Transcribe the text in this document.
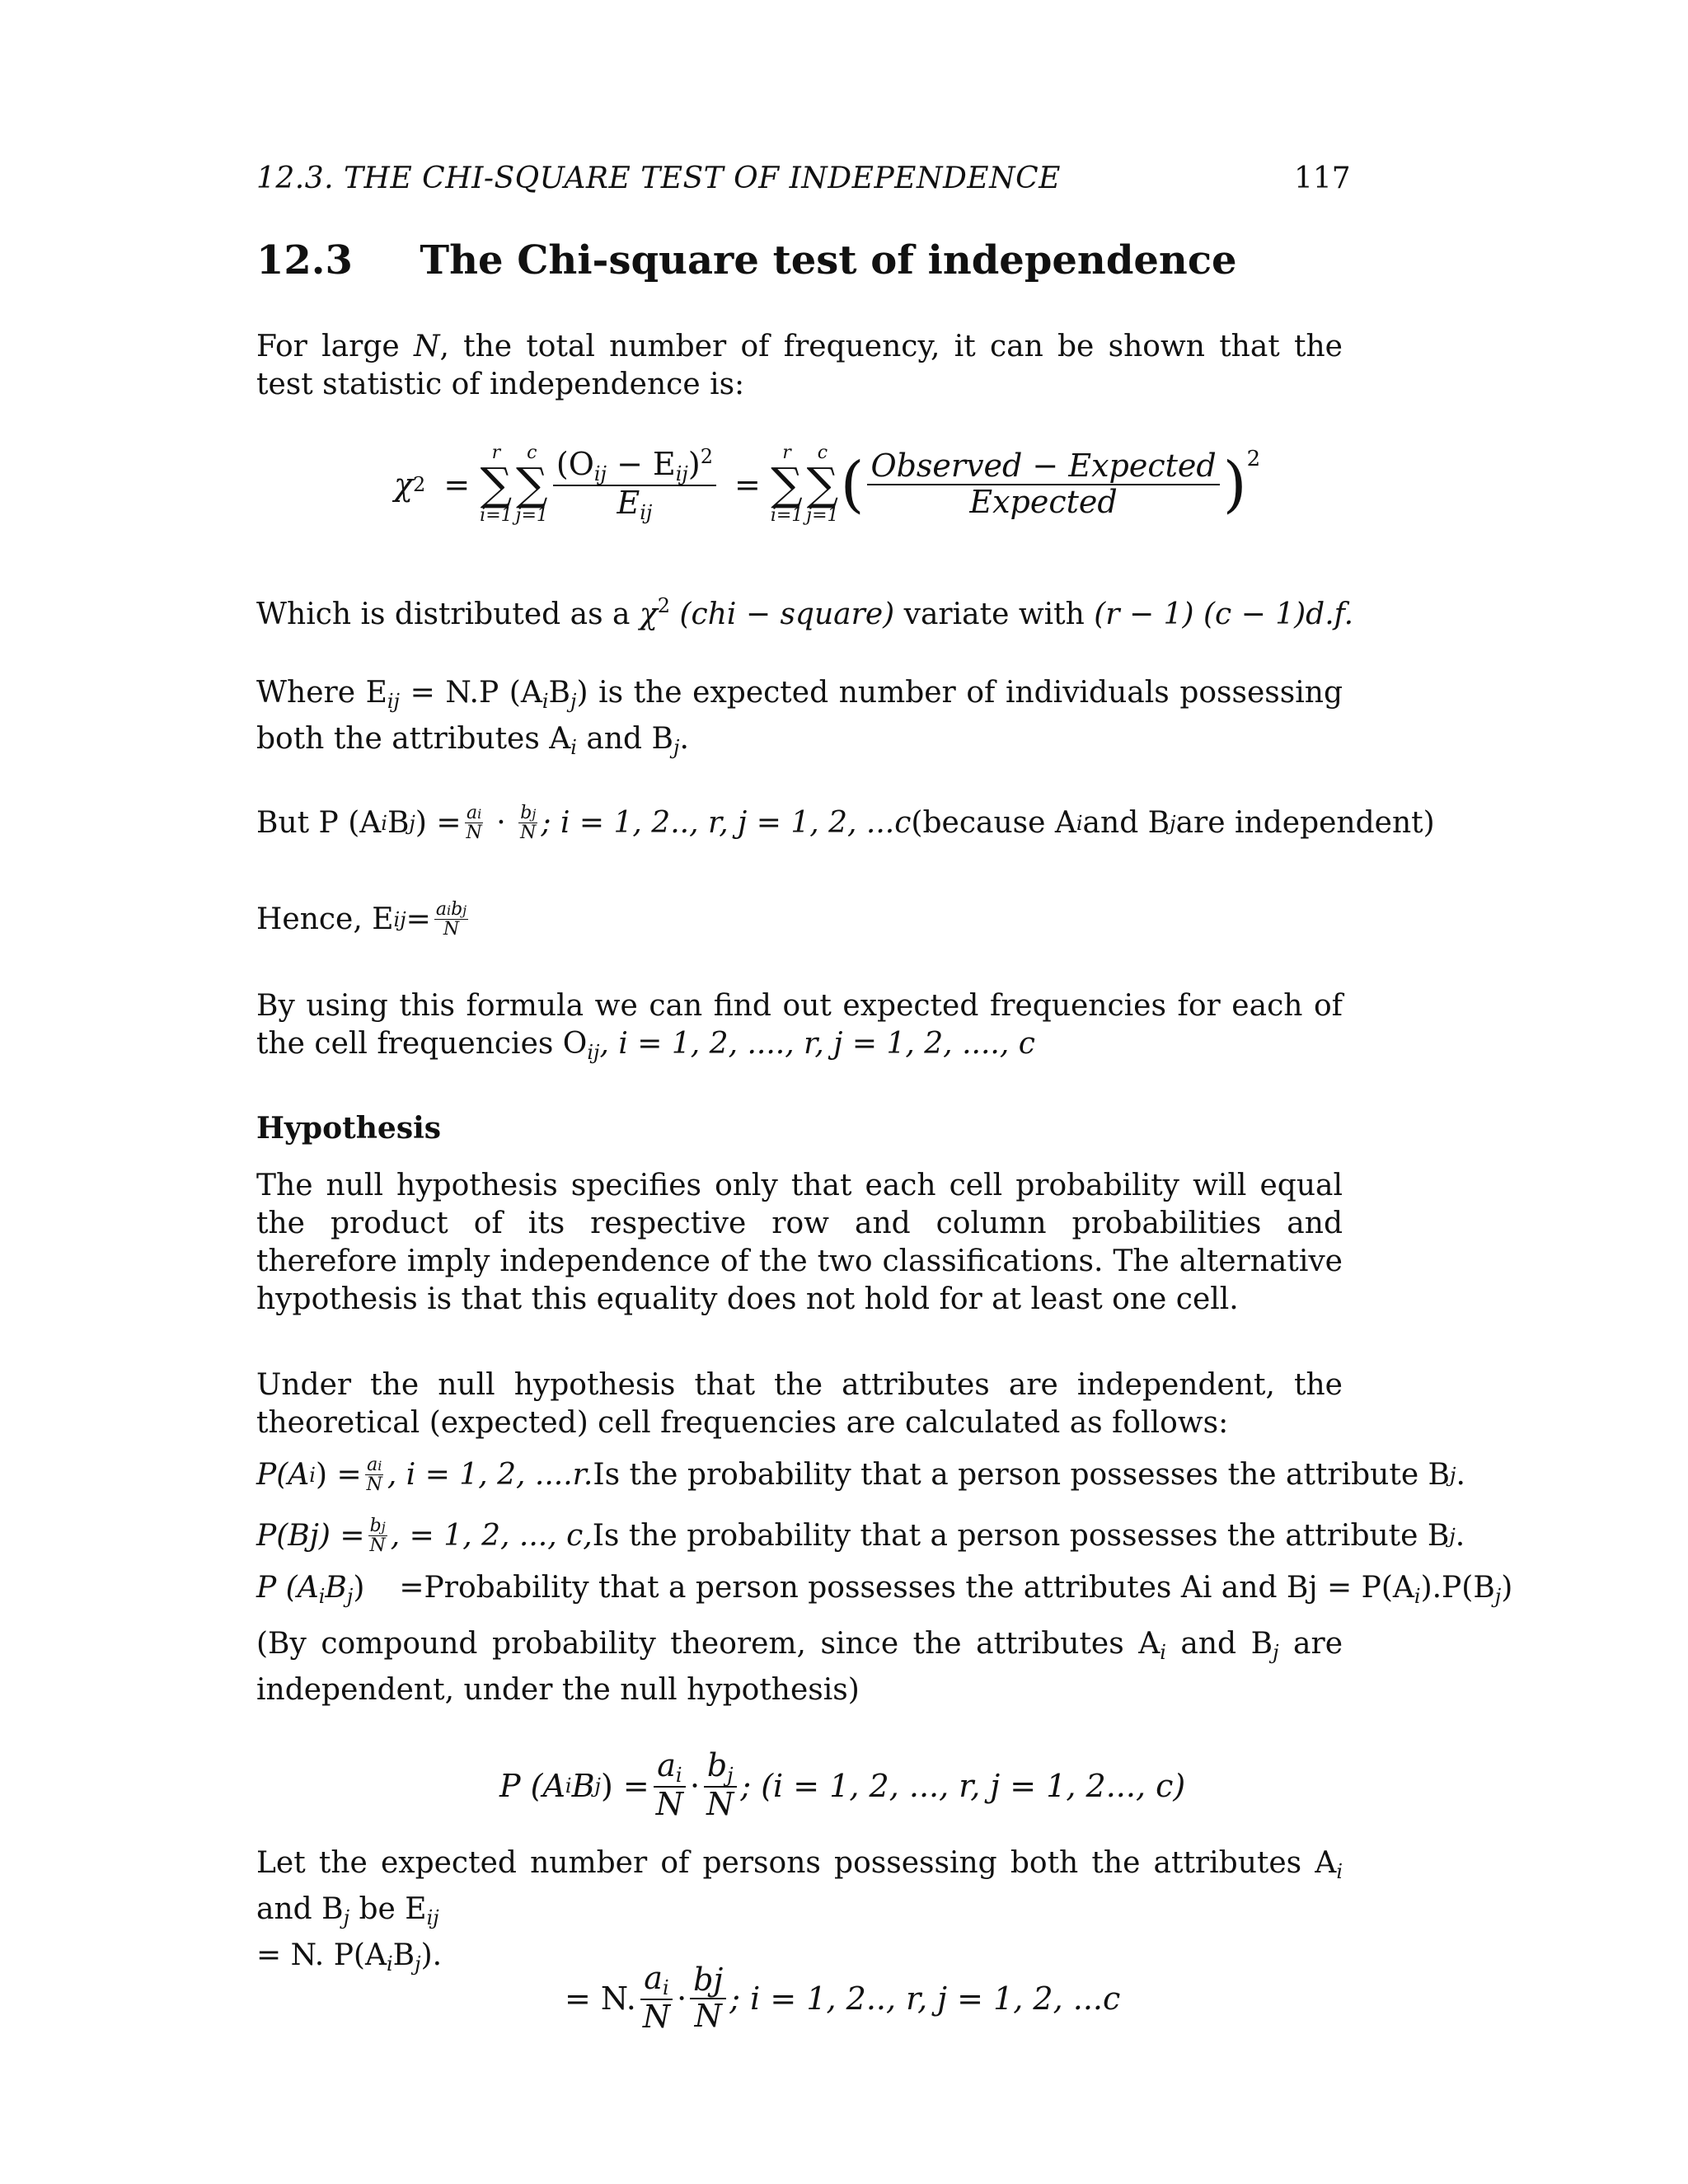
12.3. THE CHI-SQUARE TEST OF INDEPENDENCE	117
12.3 The Chi-square test of independence
For large N, the total number of frequency, it can be shown that the test statistic of independence is:
χ 2 =
r
∑
i=1
c
∑
$j=1 \frac{(O_{ij} - E_{ij})^2}{E_{ij}}$ =
r
∑
i=1
c
∑
j=1 ( $\frac{\text{Observed − Expected}}{\text{Expected}}$ ) 2
Which is distributed as a $\chi^2$ (chi − square) variate with (r − 1) (c − 1)d.f.
Where $E_{ij} = N.P$ $(A_iB_j)$ is the expected number of individuals possessing both the attributes $A_i$ and $B_j$.
But P (A i B j ) = $\frac{ai}{N} \cdot \frac{bj}{N}$ ; i = 1, 2.., r, j = 1, 2, ...c (because A i and B j are independent)
Hence, E ij = $\frac{\text{aibj}}{N}$
By using this formula we can find out expected frequencies for each of the cell frequencies $O_{ij}$, i = 1, 2, ...., r, j = 1, 2, ...., c
Hypothesis
The null hypothesis specifies only that each cell probability will equal the product of its respective row and column probabilities and therefore imply independence of the two classifications. The alternative hypothesis is that this equality does not hold for at least one cell.
Under the null hypothesis that the attributes are independent, the theoretical (expected) cell frequencies are calculated as follows:
P(A i ) = $\frac{ai}{N}$ , i = 1, 2, ....r. Is the probability that a person possesses the attribute B j .
$P(Bj) = \frac{bj}{N}$ , = 1, 2, ..., c, Is the probability that a person possesses the attribute B j .
P $(A_iB_j)$ =Probability that a person possesses the attributes Ai and $Bj = P(A_i).P(B_j)$
(By compound probability theorem, since the attributes $A_i$ and $B_j$ are independent, under the null hypothesis)
P (A i B j ) = $\frac{a_i}{N} \cdot \frac{b_j}{N}$ ; (i = 1, 2, ..., r, j = 1, 2..., c)
Let the expected number of persons possessing both the attributes $A_i$ and $B_j$ be $E_{ij}$
= N. $P(A_iB_j)$.
= N. $\frac{a_i}{N} \cdot \frac{bj}{N}$ ; i = 1, 2.., r, j = 1, 2, ...c
